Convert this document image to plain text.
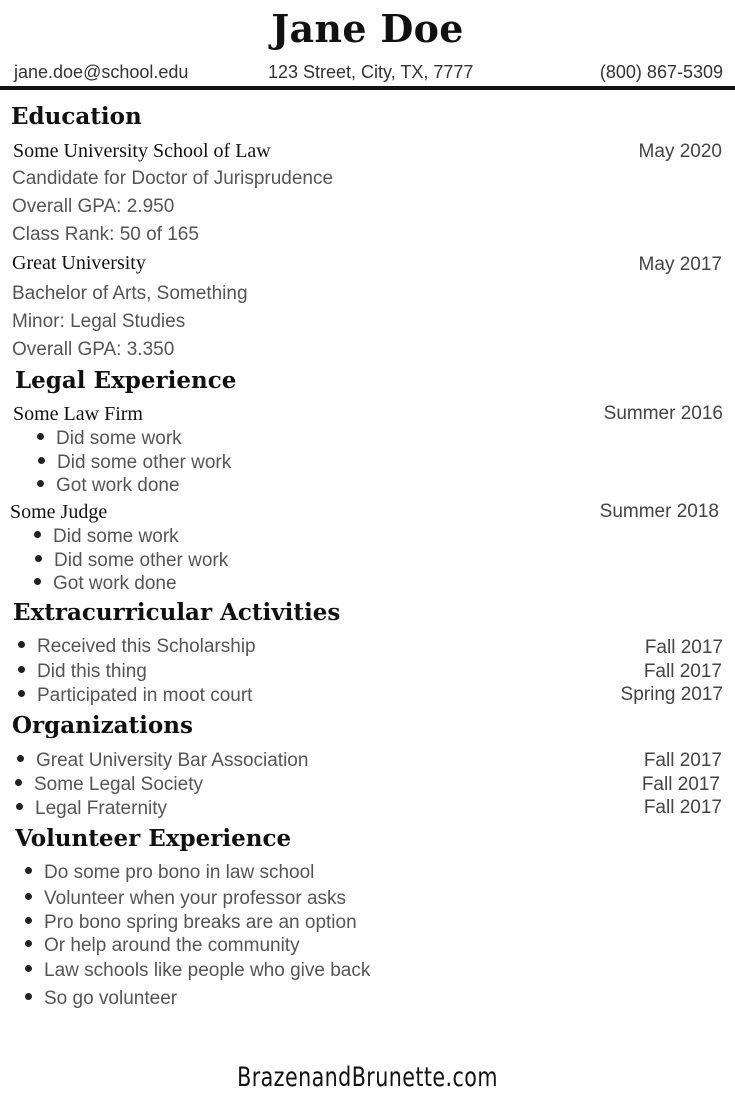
Jane Doe
jane.doe@school.edu	123 Street, City, TX, 7777	(800) 867-5309
Education
Some University School of Law	May 2020
Candidate for Doctor of Jurisprudence
Overall GPA: 2.950
Class Rank: 50 of 165
Great University	May 2017
Bachelor of Arts, Something
Minor: Legal Studies
Overall GPA: 3.350
Legal Experience
Some Law Firm	Summer 2016
Did some work
Did some other work
Got work done
Some Judge	Summer 2018
Did some work
Did some other work
Got work done
Extracurricular Activities
Received this Scholarship	Fall 2017
Did this thing	Fall 2017
Participated in moot court	Spring 2017
Organizations
Great University Bar Association	Fall 2017
Some Legal Society	Fall 2017
Legal Fraternity	Fall 2017
Volunteer Experience
Do some pro bono in law school
Volunteer when your professor asks
Pro bono spring breaks are an option
Or help around the community
Law schools like people who give back
So go volunteer
BrazenandBrunette.com
